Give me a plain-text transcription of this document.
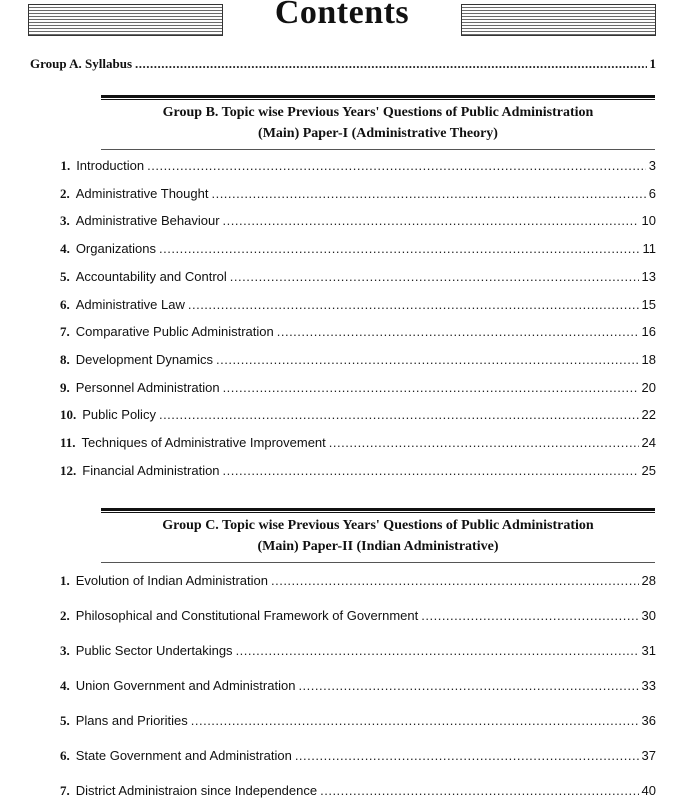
Contents
Group A. Syllabus .....	1
Group B. Topic wise Previous Years' Questions of Public Administration
(Main) Paper-I (Administrative Theory)
1. Introduction .....	3
2. Administrative Thought .....	6
3. Administrative Behaviour .....	10
4. Organizations .....	11
5. Accountability and Control .....	13
6. Administrative Law .....	15
7. Comparative Public Administration .....	16
8. Development Dynamics .....	18
9. Personnel Administration .....	20
10. Public Policy .....	22
11. Techniques of Administrative Improvement .....	24
12. Financial Administration .....	25
Group C. Topic wise Previous Years' Questions of Public Administration
(Main) Paper-II (Indian Administrative)
1. Evolution of Indian Administration .....	28
2. Philosophical and Constitutional Framework of Government .....	30
3. Public Sector Undertakings .....	31
4. Union Government and Administration .....	33
5. Plans and Priorities .....	36
6. State Government and Administration .....	37
7. District Administraion since Independence .....	40
